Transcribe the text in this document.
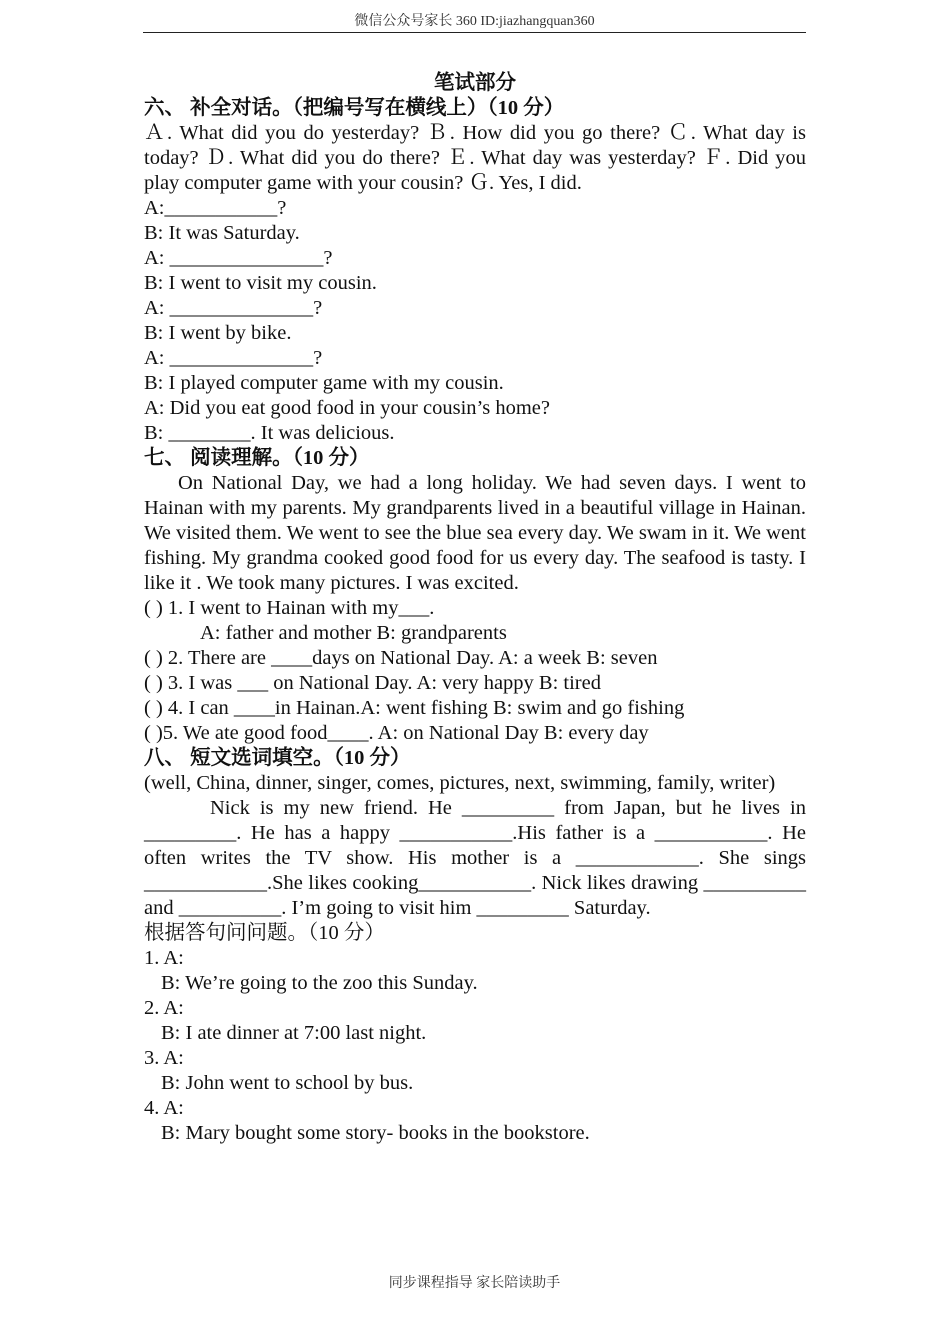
微信公众号家长 360 ID:jiazhangquan360
笔试部分
六、 补全对话。（把编号写在横线上）（10 分）
Ａ. What did you do yesterday? Ｂ. How did you go there? Ｃ. What day is today? Ｄ. What did you do there? Ｅ. What day was yesterday? Ｆ. Did you play computer game with your cousin? Ｇ. Yes, I did.
A:___________?
B: It was Saturday.
A: _______________?
B: I went to visit my cousin.
A: ______________?
B: I went by bike.
A: ______________?
B: I played computer game with my cousin.
A: Did you eat good food in your cousin’s home?
B: ________. It was delicious.
七、 阅读理解。（10 分）
On National Day, we had a long holiday. We had seven days. I went to Hainan with my parents. My grandparents lived in a beautiful village in Hainan. We visited them. We went to see the blue sea every day. We swam in it. We went fishing. My grandma cooked good food for us every day. The seafood is tasty. I like it . We took many pictures. I was excited.
( ) 1. I went to Hainan with my___.
A: father and mother B: grandparents
( ) 2. There are ____days on National Day. A: a week B: seven
( ) 3. I was ___ on National Day. A: very happy B: tired
( ) 4. I can ____in Hainan.A: went fishing B: swim and go fishing
( )5. We ate good food____. A: on National Day B: every day
八、 短文选词填空。（10 分）
(well, China, dinner, singer, comes, pictures, next, swimming, family, writer)
Nick is my new friend. He _________ from Japan, but he lives in _________. He has a happy ___________.His father is a ___________. He often writes the TV show. His mother is a ____________. She sings ____________.She likes cooking___________. Nick likes drawing __________ and __________. I’m going to visit him _________ Saturday.
根据答句问问题。（10 分）
1. A:
B: We’re going to the zoo this Sunday.
2. A:
B: I ate dinner at 7:00 last night.
3. A:
B: John went to school by bus.
4. A:
B: Mary bought some story- books in the bookstore.
同步课程指导 家长陪读助手
